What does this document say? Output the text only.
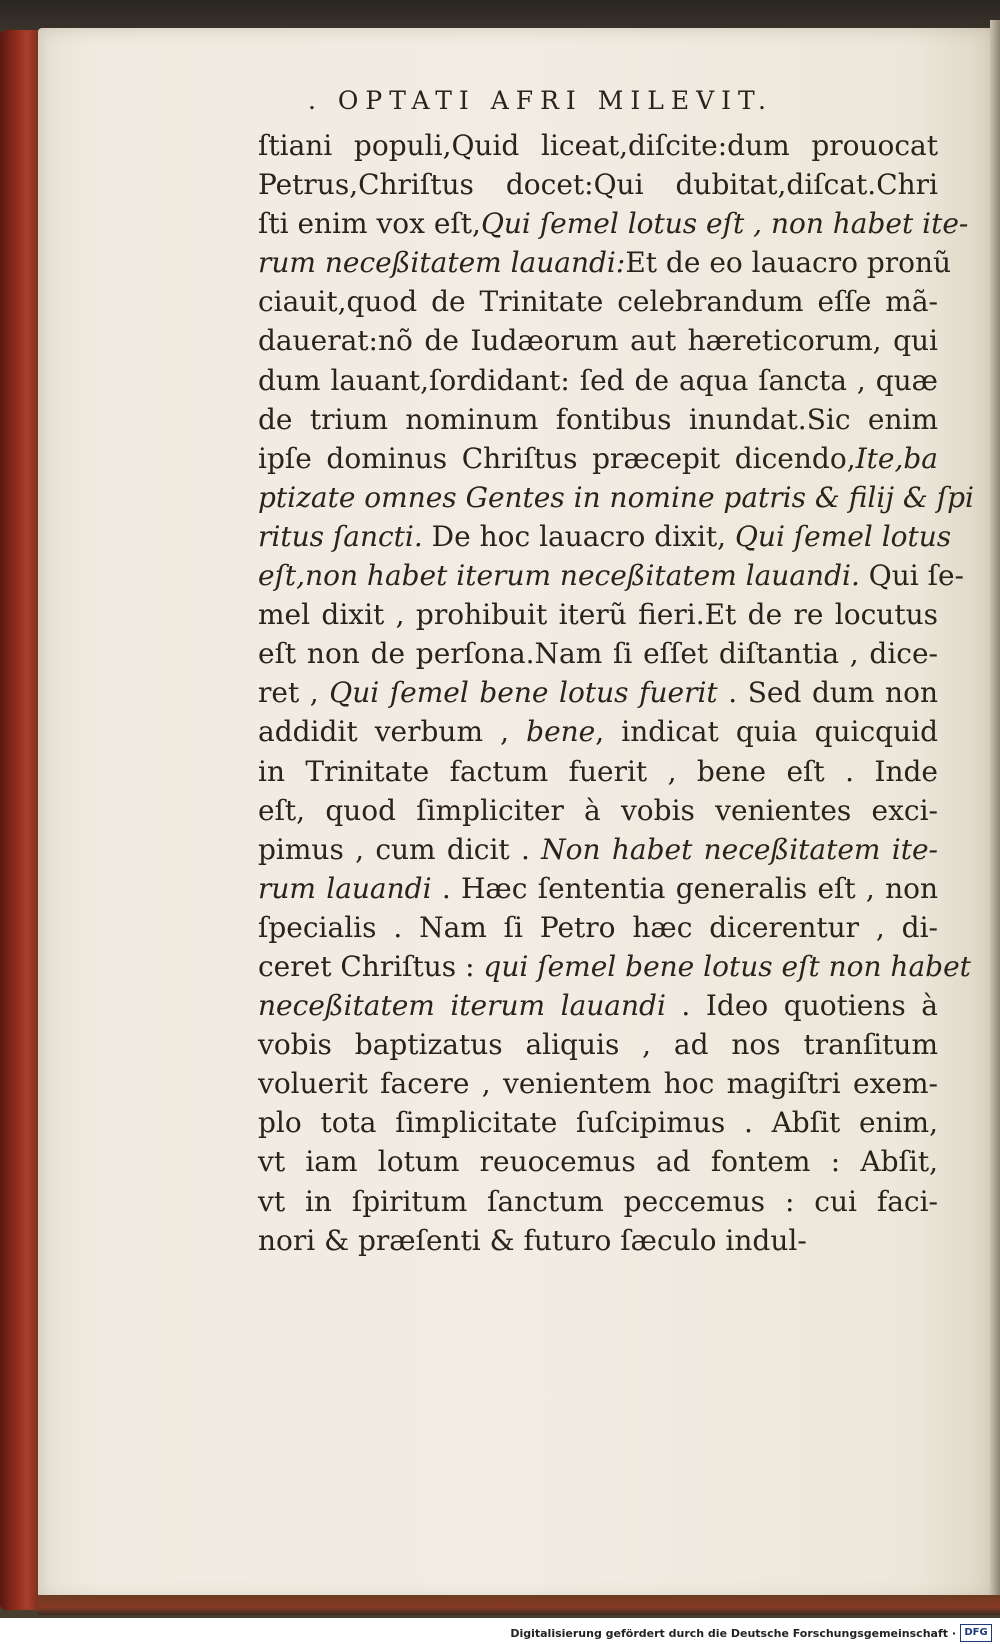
. OPTATI AFRI MILEVIT.
ſtiani populi,Quid liceat,diſcite:dum prouocat
Petrus,Chriſtus docet:Qui dubitat,diſcat.Chri
ſti enim vox eſt,Qui ſemel lotus eſt , non habet ite-
rum neceßitatem lauandi:Et de eo lauacro pronũ
ciauit,quod de Trinitate celebrandum eſſe mã-
dauerat:nõ de Iudæorum aut hæreticorum, qui
dum lauant,ſordidant: ſed de aqua ſancta , quæ
de trium nominum fontibus inundat.Sic enim
ipſe dominus Chriſtus præcepit dicendo,Ite,ba
ptizate omnes Gentes in nomine patris & filij & ſpi
ritus ſancti. De hoc lauacro dixit, Qui ſemel lotus
eſt,non habet iterum neceßitatem lauandi. Qui ſe-
mel dixit , prohibuit iterũ fieri.Et de re locutus
eſt non de perſona.Nam ſi eſſet diſtantia , dice-
ret , Qui ſemel bene lotus fuerit . Sed dum non
addidit verbum , bene, indicat quia quicquid
in Trinitate factum fuerit , bene eſt . Inde
eſt, quod ſimpliciter à vobis venientes exci-
pimus , cum dicit . Non habet neceßitatem ite-
rum lauandi . Hæc ſententia generalis eſt , non
ſpecialis . Nam ſi Petro hæc dicerentur , di-
ceret Chriſtus : qui ſemel bene lotus eſt non habet
neceßitatem iterum lauandi . Ideo quotiens à
vobis baptizatus aliquis , ad nos tranſitum
voluerit facere , venientem hoc magiſtri exem-
plo tota ſimplicitate ſuſcipimus . Abſit enim,
vt iam lotum reuocemus ad fontem : Abſit,
vt in ſpiritum ſanctum peccemus : cui faci-
nori & præſenti & futuro ſæculo indul-
Digitalisierung gefördert durch die Deutsche Forschungsgemeinschaft · DFG
